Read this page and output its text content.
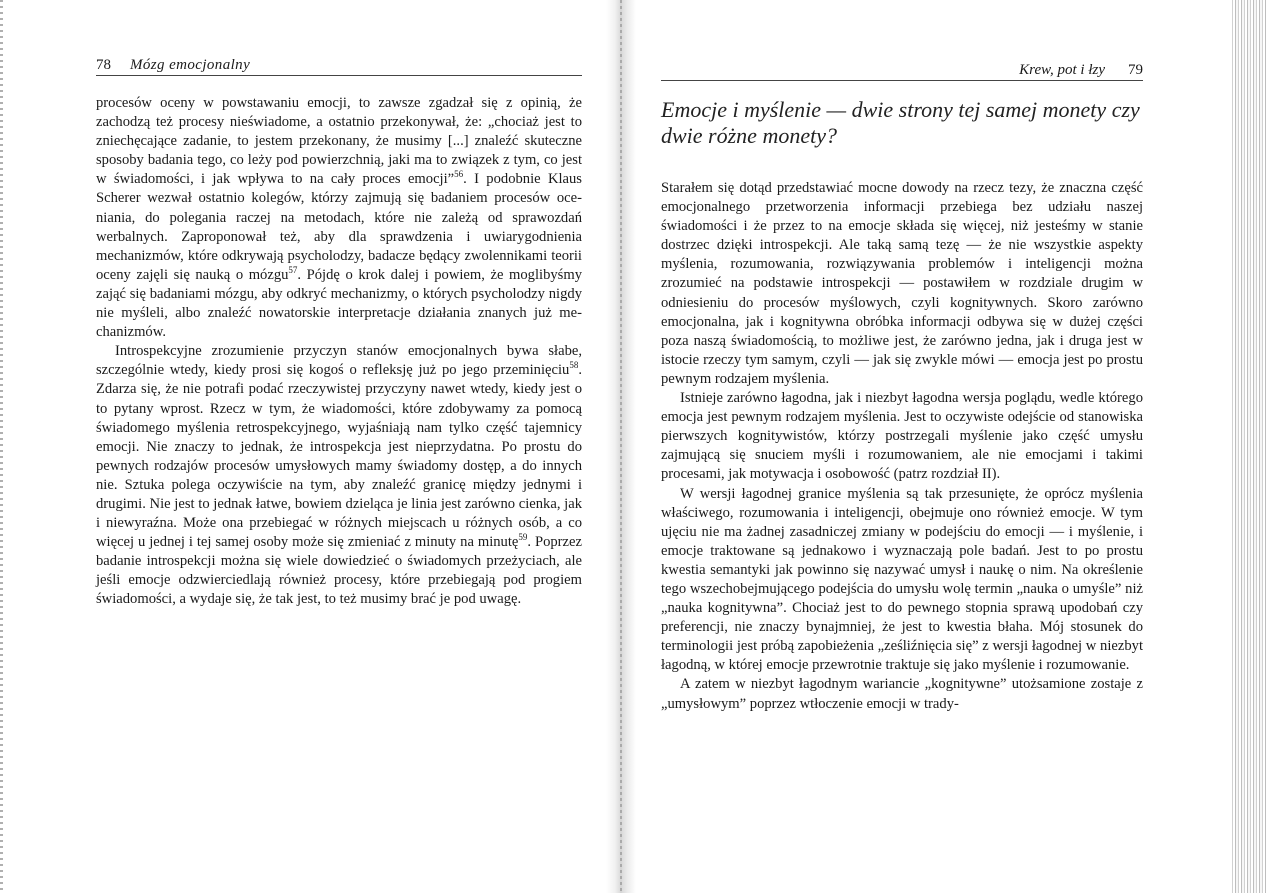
78 Mózg emocjonalny

procesów oceny w powstawaniu emocji, to zawsze zgadzał się z opinią, że zachodzą też procesy nieświadome, a ostatnio przekonywał, że: „chociaż jest to zniechęcające zadanie, to jestem przekonany, że musimy [...] znaleźć skuteczne sposoby badania tego, co leży pod powierzchnią, jaki ma to związek z tym, co jest w świadomości, i jak wpływa to na cały proces emocji”$^{56}$. I podobnie Klaus Scherer wezwał ostatnio kolegów, którzy zajmują się badaniem procesów oceniania, do polegania raczej na metodach, które nie zależą od sprawozdań werbalnych. Zaproponował też, aby dla sprawdzenia i uwiarygodnienia mechanizmów, które odkrywają psycholodzy, badacze będący zwolennikami teorii oceny zajęli się nauką o mózgu$^{57}$. Pójdę o krok dalej i powiem, że moglibyśmy zająć się badaniami mózgu, aby odkryć mechanizmy, o których psycholodzy nigdy nie myśleli, albo znaleźć nowatorskie interpretacje działania znanych już mechanizmów.

Introspekcyjne zrozumienie przyczyn stanów emocjonalnych bywa słabe, szczególnie wtedy, kiedy prosi się kogoś o refleksję już po jego przeminięciu$^{58}$. Zdarza się, że nie potrafi podać rzeczywistej przyczyny nawet wtedy, kiedy jest o to pytany wprost. Rzecz w tym, że wiadomości, które zdobywamy za pomocą świadomego myślenia retrospekcyjnego, wyjaśniają nam tylko część tajemnicy emocji. Nie znaczy to jednak, że introspekcja jest nieprzydatna. Po prostu do pewnych rodzajów procesów umysłowych mamy świadomy dostęp, a do innych nie. Sztuka polega oczywiście na tym, aby znaleźć granicę między jednymi i drugimi. Nie jest to jednak łatwe, bowiem dzieląca je linia jest zarówno cienka, jak i niewyraźna. Może ona przebiegać w różnych miejscach u różnych osób, a co więcej u jednej i tej samej osoby może się zmieniać z minuty na minutę$^{59}$. Poprzez badanie introspekcji można się wiele dowiedzieć o świadomych przeżyciach, ale jeśli emocje odzwierciedlają również procesy, które przebiegają pod progiem świadomości, a wydaje się, że tak jest, to też musimy brać je pod uwagę.

Krew, pot i łzy 79
Emocje i myślenie — dwie strony tej samej monety czy dwie różne monety?

Starałem się dotąd przedstawiać mocne dowody na rzecz tezy, że znaczna część emocjonalnego przetworzenia informacji przebiega bez udziału naszej świadomości i że przez to na emocje składa się więcej, niż jesteśmy w stanie dostrzec dzięki introspekcji. Ale taką samą tezę — że nie wszystkie aspekty myślenia, rozumowania, rozwiązywania problemów i inteligencji można zrozumieć na podstawie introspekcji — postawiłem w rozdziale drugim w odniesieniu do procesów myślowych, czyli kognitywnych. Skoro zarówno emocjonalna, jak i kognitywna obróbka informacji odbywa się w dużej części poza naszą świadomością, to możliwe jest, że zarówno jedna, jak i druga jest w istocie rzeczy tym samym, czyli — jak się zwykle mówi — emocja jest po prostu pewnym rodzajem myślenia.

Istnieje zarówno łagodna, jak i niezbyt łagodna wersja poglądu, wedle którego emocja jest pewnym rodzajem myślenia. Jest to oczywiste odejście od stanowiska pierwszych kognitywistów, którzy postrzegali myślenie jako część umysłu zajmującą się snuciem myśli i rozumowaniem, ale nie emocjami i takimi procesami, jak motywacja i osobowość (patrz rozdział II).

W wersji łagodnej granice myślenia są tak przesunięte, że oprócz myślenia właściwego, rozumowania i inteligencji, obejmuje ono również emocje. W tym ujęciu nie ma żadnej zasadniczej zmiany w podejściu do emocji — i myślenie, i emocje traktowane są jednakowo i wyznaczają pole badań. Jest to po prostu kwestia semantyki jak powinno się nazywać umysł i naukę o nim. Na określenie tego wszechobejmującego podejścia do umysłu wolę termin „nauka o umyśle” niż „nauka kognitywna”. Chociaż jest to do pewnego stopnia sprawą upodobań czy preferencji, nie znaczy bynajmniej, że jest to kwestia błaha. Mój stosunek do terminologii jest próbą zapobieżenia „ześliźnięcia się” z wersji łagodnej w niezbyt łagodną, w której emocje przewrotnie traktuje się jako myślenie i rozumowanie.

A zatem w niezbyt łagodnym wariancie „kognitywne” utożsamione zostaje z „umysłowym” poprzez wtłoczenie emocji w trady-
